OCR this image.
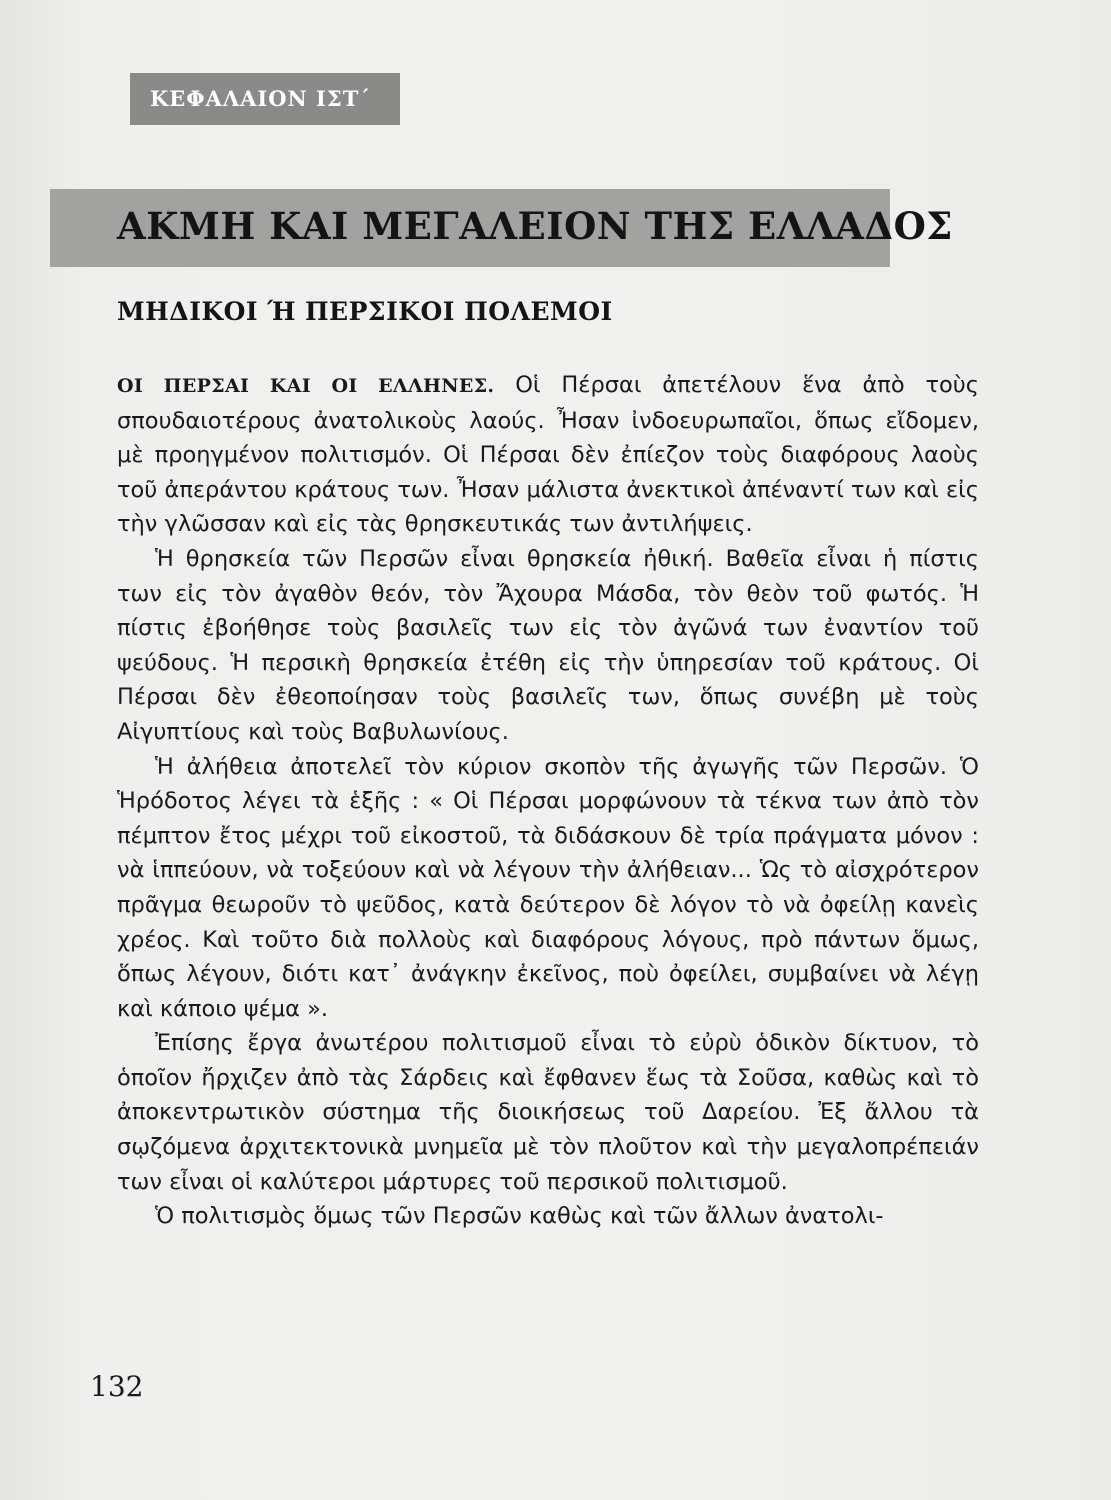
ΚΕΦΑΛΑΙΟΝ ΙΣΤ΄
ΑΚΜΗ ΚΑΙ ΜΕΓΑΛΕΙΟΝ ΤΗΣ ΕΛΛΑΔΟΣ
ΜΗΔΙΚΟΙ Ή ΠΕΡΣΙΚΟΙ ΠΟΛΕΜΟΙ

ΟΙ ΠΕΡΣΑΙ ΚΑΙ ΟΙ ΕΛΛΗΝΕΣ. Οἱ Πέρσαι ἀπετέλουν ἕνα ἀπὸ τοὺς σπουδαιοτέρους ἀνατολικοὺς λαούς. Ἦσαν ἰνδοευρωπαῖοι, ὅπως εἴδομεν, μὲ προηγμένον πολιτισμόν. Οἱ Πέρσαι δὲν ἐπίεζον τοὺς διαφόρους λαοὺς τοῦ ἀπεράντου κράτους των. Ἦσαν μάλιστα ἀνεκτικοὶ ἀπέναντί των καὶ εἰς τὴν γλῶσσαν καὶ εἰς τὰς θρησκευτικάς των ἀντιλήψεις.

Ἡ θρησκεία τῶν Περσῶν εἶναι θρησκεία ἠθική. Βαθεῖα εἶναι ἡ πίστις των εἰς τὸν ἀγαθὸν θεόν, τὸν Ἄχουρα Μάσδα, τὸν θεὸν τοῦ φωτός. Ἡ πίστις ἐβοήθησε τοὺς βασιλεῖς των εἰς τὸν ἀγῶνά των ἐναντίον τοῦ ψεύδους. Ἡ περσικὴ θρησκεία ἐτέθη εἰς τὴν ὑπηρεσίαν τοῦ κράτους. Οἱ Πέρσαι δὲν ἐθεοποίησαν τοὺς βασιλεῖς των, ὅπως συνέβη μὲ τοὺς Αἰγυπτίους καὶ τοὺς Βαβυλωνίους.

Ἡ ἀλήθεια ἀποτελεῖ τὸν κύριον σκοπὸν τῆς ἀγωγῆς τῶν Περσῶν. Ὁ Ἡρόδοτος λέγει τὰ ἑξῆς : « Οἱ Πέρσαι μορφώνουν τὰ τέκνα των ἀπὸ τὸν πέμπτον ἔτος μέχρι τοῦ εἰκοστοῦ, τὰ διδάσκουν δὲ τρία πράγματα μόνον : νὰ ἱππεύουν, νὰ τοξεύουν καὶ νὰ λέγουν τὴν ἀλήθειαν... Ὡς τὸ αἰσχρότερον πρᾶγμα θεωροῦν τὸ ψεῦδος, κατὰ δεύτερον δὲ λόγον τὸ νὰ ὀφείλῃ κανεὶς χρέος. Καὶ τοῦτο διὰ πολλοὺς καὶ διαφόρους λόγους, πρὸ πάντων ὅμως, ὅπως λέγουν, διότι κατ᾽ ἀνάγκην ἐκεῖνος, ποὺ ὀφείλει, συμβαίνει νὰ λέγῃ καὶ κάποιο ψέμα ».

Ἐπίσης ἔργα ἀνωτέρου πολιτισμοῦ εἶναι τὸ εὐρὺ ὁδικὸν δίκτυον, τὸ ὁποῖον ἤρχιζεν ἀπὸ τὰς Σάρδεις καὶ ἔφθανεν ἕως τὰ Σοῦσα, καθὼς καὶ τὸ ἀποκεντρωτικὸν σύστημα τῆς διοικήσεως τοῦ Δαρείου. Ἐξ ἄλλου τὰ σῳζόμενα ἀρχιτεκτονικὰ μνημεῖα μὲ τὸν πλοῦτον καὶ τὴν μεγαλοπρέπειάν των εἶναι οἱ καλύτεροι μάρτυρες τοῦ περσικοῦ πολιτισμοῦ.

Ὁ πολιτισμὸς ὅμως τῶν Περσῶν καθὼς καὶ τῶν ἄλλων ἀνατολι-

132
